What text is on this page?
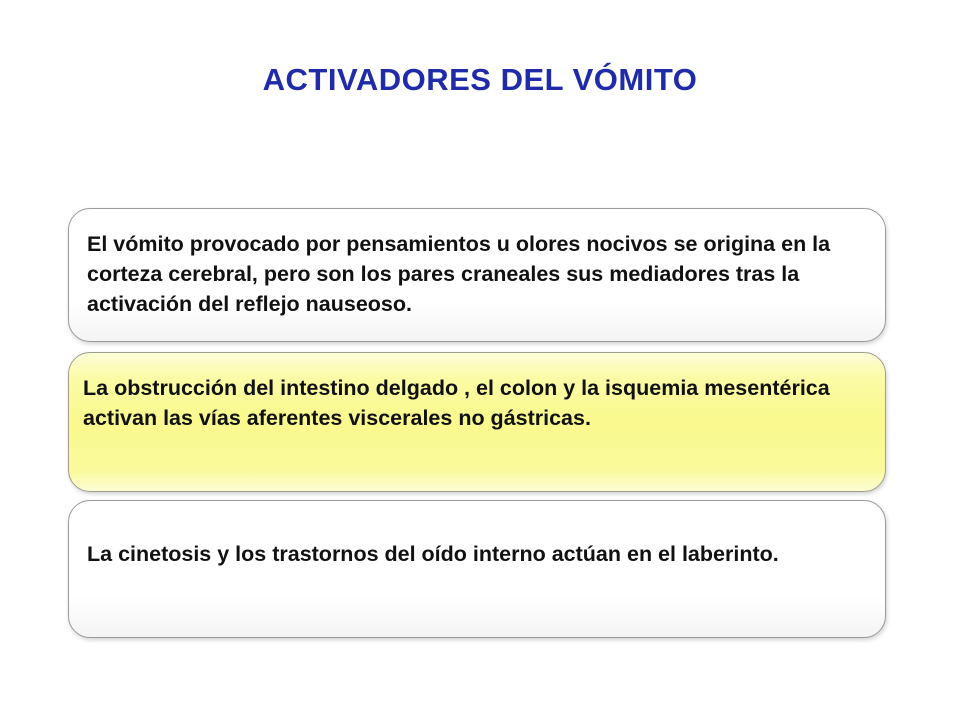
ACTIVADORES DEL VÓMITO
El vómito provocado por pensamientos u olores nocivos se origina en la corteza cerebral, pero son los pares craneales sus mediadores tras la activación del reflejo nauseoso.
La obstrucción del intestino delgado , el colon y la isquemia mesentérica activan las vías aferentes viscerales no gástricas.
La cinetosis y los trastornos del oído interno actúan en el laberinto.
